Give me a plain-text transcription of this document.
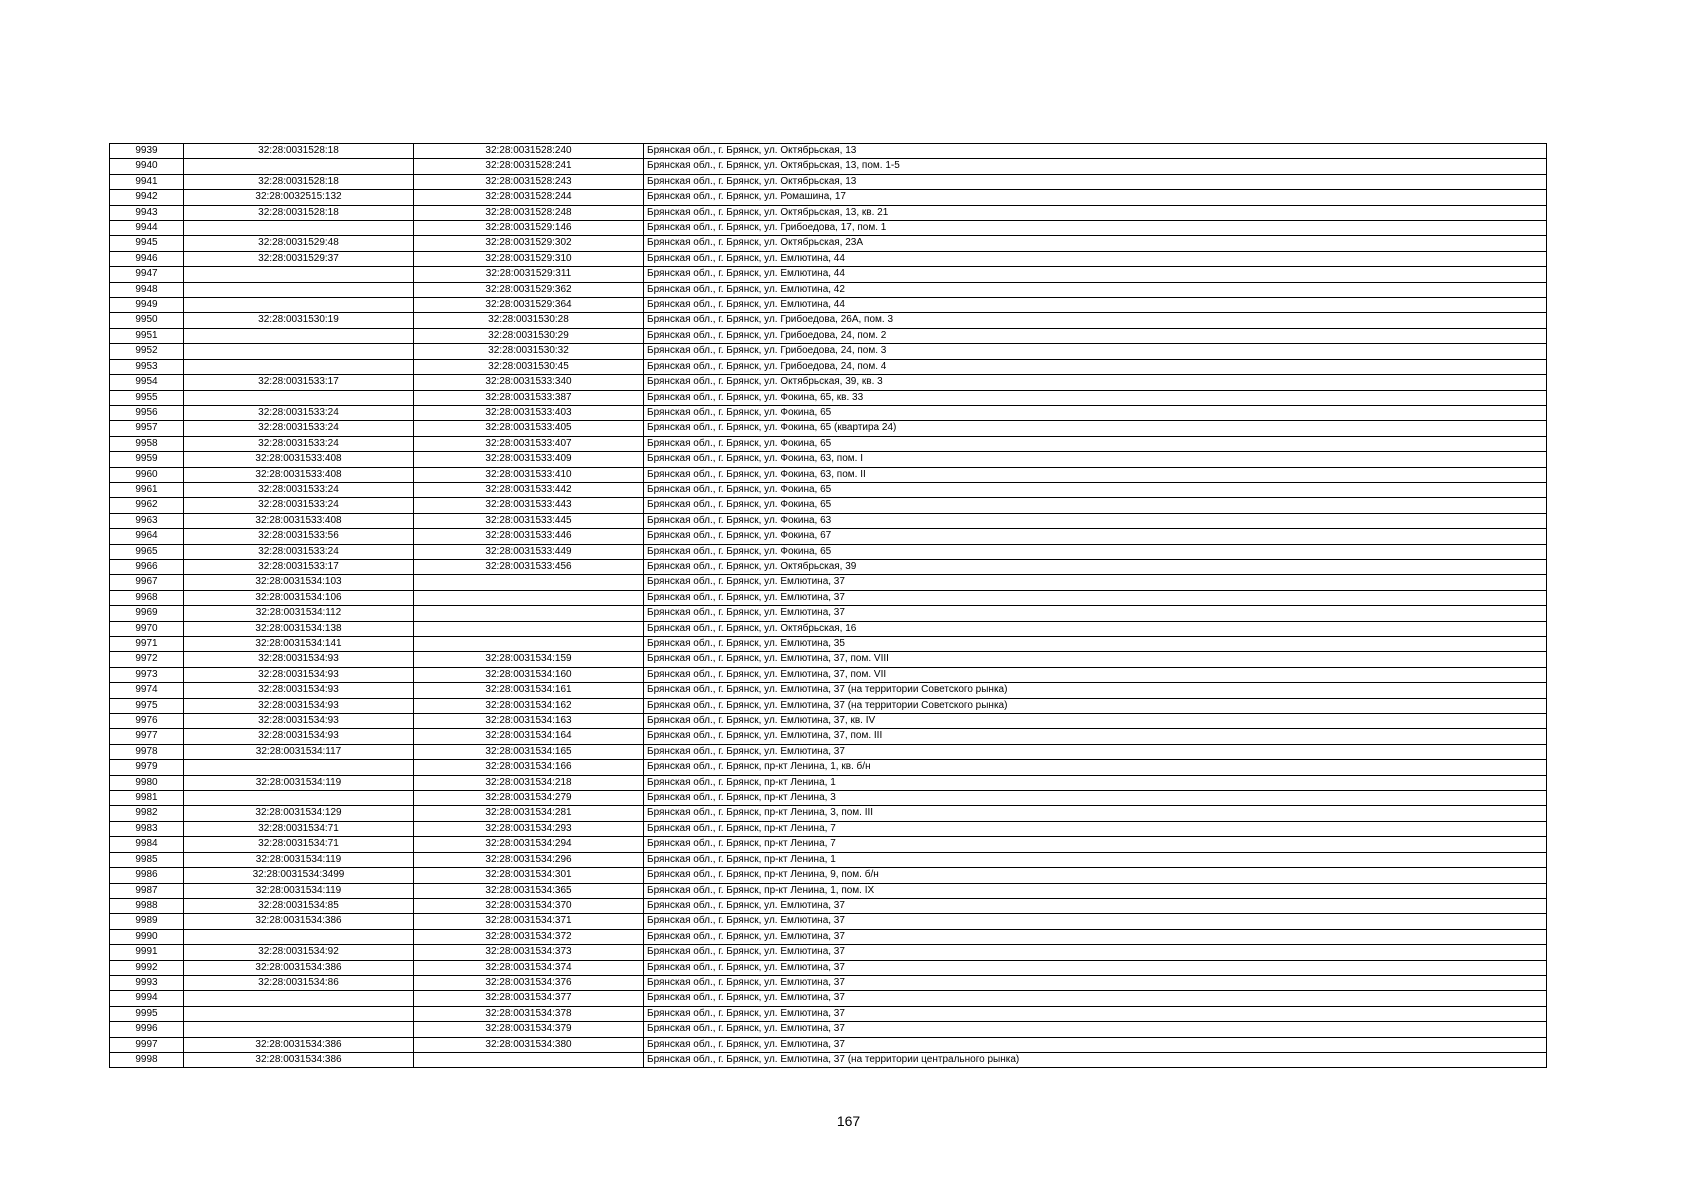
9939	32:28:0031528:18	32:28:0031528:240	Брянская обл., г. Брянск, ул. Октябрьская, 13
9940		32:28:0031528:241	Брянская обл., г. Брянск, ул. Октябрьская, 13, пом. 1-5
9941	32:28:0031528:18	32:28:0031528:243	Брянская обл., г. Брянск, ул. Октябрьская, 13
9942	32:28:0032515:132	32:28:0031528:244	Брянская обл., г. Брянск, ул. Ромашина, 17
9943	32:28:0031528:18	32:28:0031528:248	Брянская обл., г. Брянск, ул. Октябрьская, 13, кв. 21
9944		32:28:0031529:146	Брянская обл., г. Брянск, ул. Грибоедова, 17, пом. 1
9945	32:28:0031529:48	32:28:0031529:302	Брянская обл., г. Брянск, ул. Октябрьская, 23А
9946	32:28:0031529:37	32:28:0031529:310	Брянская обл., г. Брянск, ул. Емлютина, 44
9947		32:28:0031529:311	Брянская обл., г. Брянск, ул. Емлютина, 44
9948		32:28:0031529:362	Брянская обл., г. Брянск, ул. Емлютина, 42
9949		32:28:0031529:364	Брянская обл., г. Брянск, ул. Емлютина, 44
9950	32:28:0031530:19	32:28:0031530:28	Брянская обл., г. Брянск, ул. Грибоедова, 26А, пом. 3
9951		32:28:0031530:29	Брянская обл., г. Брянск, ул. Грибоедова, 24, пом. 2
9952		32:28:0031530:32	Брянская обл., г. Брянск, ул. Грибоедова, 24, пом. 3
9953		32:28:0031530:45	Брянская обл., г. Брянск, ул. Грибоедова, 24, пом. 4
9954	32:28:0031533:17	32:28:0031533:340	Брянская обл., г. Брянск, ул. Октябрьская, 39, кв. 3
9955		32:28:0031533:387	Брянская обл., г. Брянск, ул. Фокина, 65, кв. 33
9956	32:28:0031533:24	32:28:0031533:403	Брянская обл., г. Брянск, ул. Фокина, 65
9957	32:28:0031533:24	32:28:0031533:405	Брянская обл., г. Брянск, ул. Фокина, 65 (квартира 24)
9958	32:28:0031533:24	32:28:0031533:407	Брянская обл., г. Брянск, ул. Фокина, 65
9959	32:28:0031533:408	32:28:0031533:409	Брянская обл., г. Брянск, ул. Фокина, 63, пом. I
9960	32:28:0031533:408	32:28:0031533:410	Брянская обл., г. Брянск, ул. Фокина, 63, пом. II
9961	32:28:0031533:24	32:28:0031533:442	Брянская обл., г. Брянск, ул. Фокина, 65
9962	32:28:0031533:24	32:28:0031533:443	Брянская обл., г. Брянск, ул. Фокина, 65
9963	32:28:0031533:408	32:28:0031533:445	Брянская обл., г. Брянск, ул. Фокина, 63
9964	32:28:0031533:56	32:28:0031533:446	Брянская обл., г. Брянск, ул. Фокина, 67
9965	32:28:0031533:24	32:28:0031533:449	Брянская обл., г. Брянск, ул. Фокина, 65
9966	32:28:0031533:17	32:28:0031533:456	Брянская обл., г. Брянск, ул. Октябрьская, 39
9967	32:28:0031534:103		Брянская обл., г. Брянск, ул. Емлютина, 37
9968	32:28:0031534:106		Брянская обл., г. Брянск, ул. Емлютина, 37
9969	32:28:0031534:112		Брянская обл., г. Брянск, ул. Емлютина, 37
9970	32:28:0031534:138		Брянская обл., г. Брянск, ул. Октябрьская, 16
9971	32:28:0031534:141		Брянская обл., г. Брянск, ул. Емлютина, 35
9972	32:28:0031534:93	32:28:0031534:159	Брянская обл., г. Брянск, ул. Емлютина, 37, пом. VIII
9973	32:28:0031534:93	32:28:0031534:160	Брянская обл., г. Брянск, ул. Емлютина, 37, пом. VII
9974	32:28:0031534:93	32:28:0031534:161	Брянская обл., г. Брянск, ул. Емлютина, 37 (на территории Советского рынка)
9975	32:28:0031534:93	32:28:0031534:162	Брянская обл., г. Брянск, ул. Емлютина, 37 (на территории Советского рынка)
9976	32:28:0031534:93	32:28:0031534:163	Брянская обл., г. Брянск, ул. Емлютина, 37, кв. IV
9977	32:28:0031534:93	32:28:0031534:164	Брянская обл., г. Брянск, ул. Емлютина, 37, пом. III
9978	32:28:0031534:117	32:28:0031534:165	Брянская обл., г. Брянск, ул. Емлютина, 37
9979		32:28:0031534:166	Брянская обл., г. Брянск, пр-кт Ленина, 1, кв. б/н
9980	32:28:0031534:119	32:28:0031534:218	Брянская обл., г. Брянск, пр-кт Ленина, 1
9981		32:28:0031534:279	Брянская обл., г. Брянск, пр-кт Ленина, 3
9982	32:28:0031534:129	32:28:0031534:281	Брянская обл., г. Брянск, пр-кт Ленина, 3, пом. III
9983	32:28:0031534:71	32:28:0031534:293	Брянская обл., г. Брянск, пр-кт Ленина, 7
9984	32:28:0031534:71	32:28:0031534:294	Брянская обл., г. Брянск, пр-кт Ленина, 7
9985	32:28:0031534:119	32:28:0031534:296	Брянская обл., г. Брянск, пр-кт Ленина, 1
9986	32:28:0031534:3499	32:28:0031534:301	Брянская обл., г. Брянск, пр-кт Ленина, 9, пом. б/н
9987	32:28:0031534:119	32:28:0031534:365	Брянская обл., г. Брянск, пр-кт Ленина, 1, пом. IX
9988	32:28:0031534:85	32:28:0031534:370	Брянская обл., г. Брянск, ул. Емлютина, 37
9989	32:28:0031534:386	32:28:0031534:371	Брянская обл., г. Брянск, ул. Емлютина, 37
9990		32:28:0031534:372	Брянская обл., г. Брянск, ул. Емлютина, 37
9991	32:28:0031534:92	32:28:0031534:373	Брянская обл., г. Брянск, ул. Емлютина, 37
9992	32:28:0031534:386	32:28:0031534:374	Брянская обл., г. Брянск, ул. Емлютина, 37
9993	32:28:0031534:86	32:28:0031534:376	Брянская обл., г. Брянск, ул. Емлютина, 37
9994		32:28:0031534:377	Брянская обл., г. Брянск, ул. Емлютина, 37
9995		32:28:0031534:378	Брянская обл., г. Брянск, ул. Емлютина, 37
9996		32:28:0031534:379	Брянская обл., г. Брянск, ул. Емлютина, 37
9997	32:28:0031534:386	32:28:0031534:380	Брянская обл., г. Брянск, ул. Емлютина, 37
9998	32:28:0031534:386		Брянская обл., г. Брянск, ул. Емлютина, 37 (на территории центрального рынка)
167
